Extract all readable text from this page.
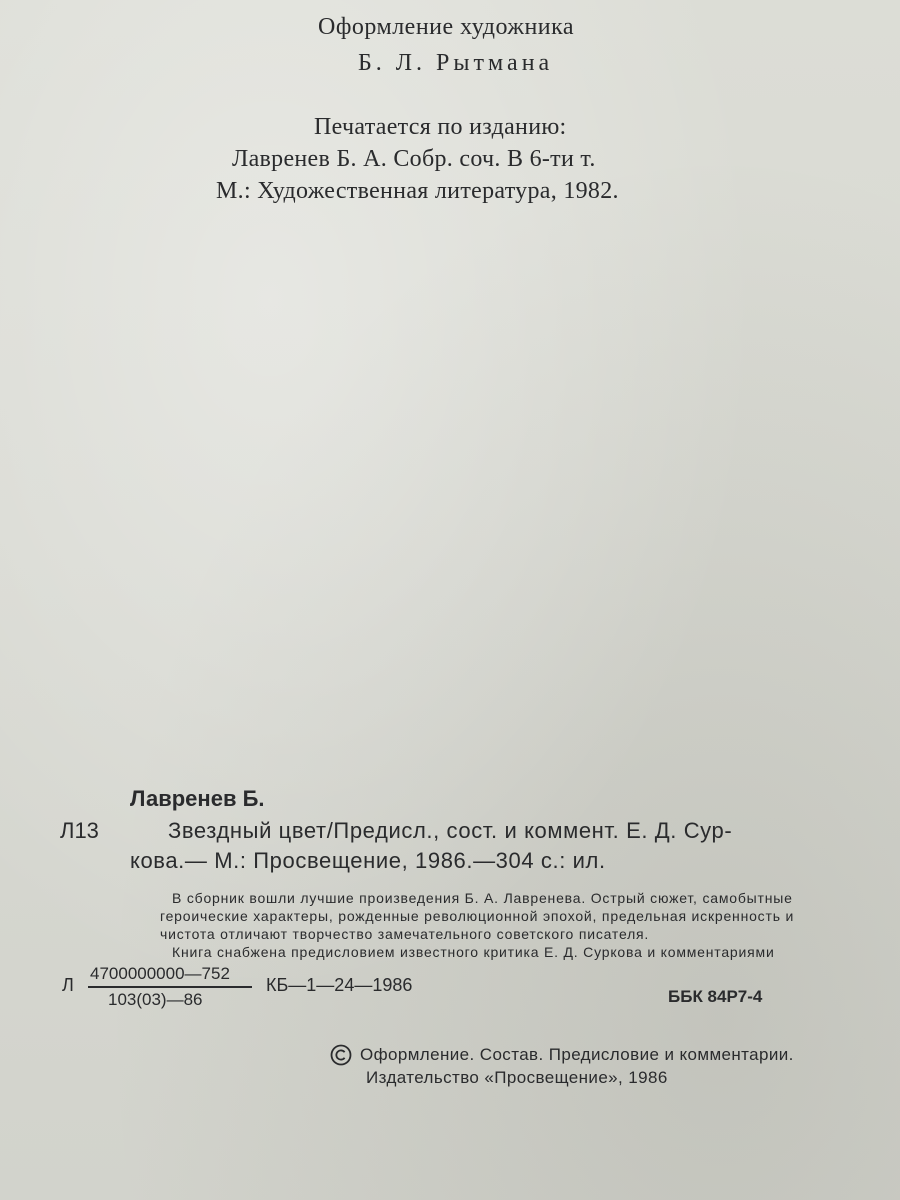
Оформление художника
Б. Л. Рытмана
Печатается по изданию:
Лавренев Б. А. Собр. соч. В 6-ти т.
М.: Художественная литература, 1982.
Лавренев Б.
Л13	Звездный цвет/Предисл., сост. и коммент. Е. Д. Сур-
кова.— М.: Просвещение, 1986.—304 с.: ил.
В сборник вошли лучшие произведения Б. А. Лавренева. Острый сюжет, самобытные
героические характеры, рожденные революционной эпохой, предельная искренность и
чистота отличают творчество замечательного советского писателя.
Книга снабжена предисловием известного критика Е. Д. Суркова и комментариями
Л
4700000000—752
103(03)—86
КБ—1—24—1986
ББК 84Р7-4
Оформление. Состав. Предисловие и комментарии.
Издательство «Просвещение», 1986
